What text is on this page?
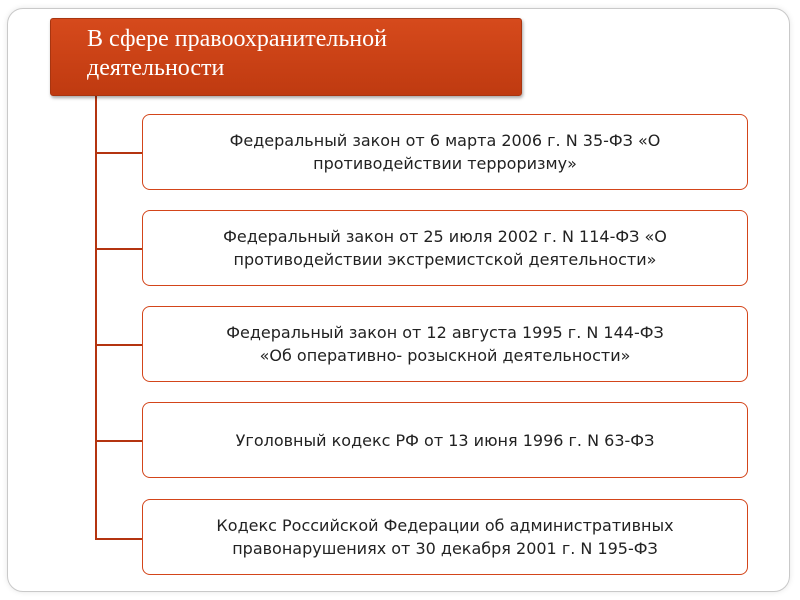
В сфере правоохранительной
деятельности
Федеральный закон от 6 марта 2006 г. N 35-ФЗ «О
противодействии терроризму»
Федеральный закон от 25 июля 2002 г. N 114-ФЗ «О
противодействии экстремистской деятельности»
Федеральный закон от 12 августа 1995 г. N 144-ФЗ
«Об оперативно- розыскной деятельности»
Уголовный кодекс РФ от 13 июня 1996 г. N 63-ФЗ
Кодекс Российской Федерации об административных
правонарушениях от 30 декабря 2001 г. N 195-ФЗ
